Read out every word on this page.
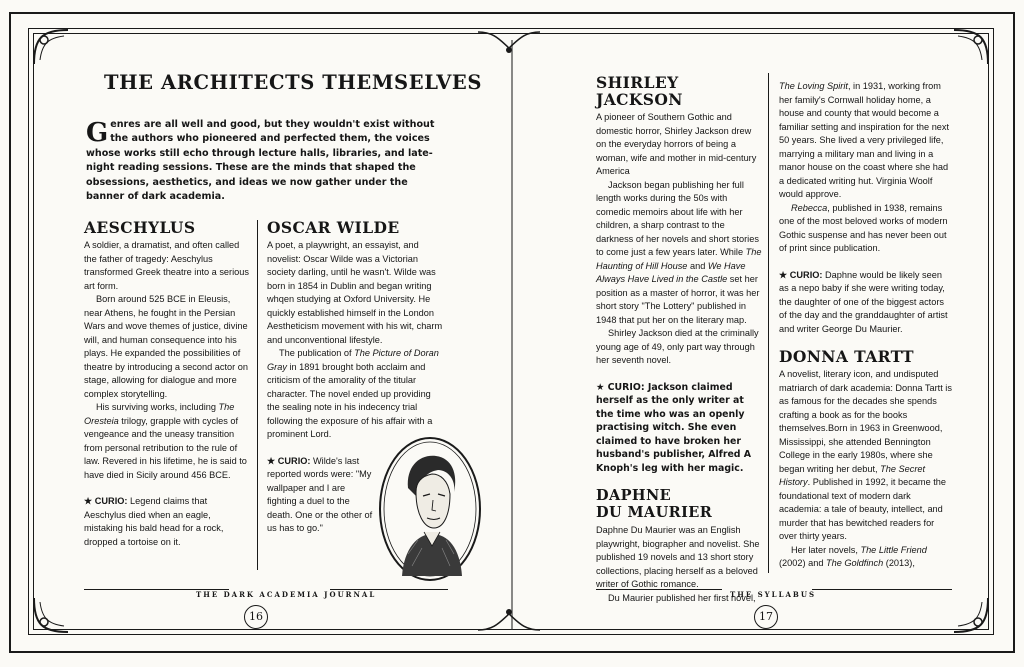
THE ARCHITECTS THEMSELVES
Genres are all well and good, but they wouldn't exist without the authors who pioneered and perfected them, the voices whose works still echo through lecture halls, libraries, and late-night reading sessions. These are the minds that shaped the obsessions, aesthetics, and ideas we now gather under the banner of dark academia.
AESCHYLUS

A soldier, a dramatist, and often called the father of tragedy: Aeschylus transformed Greek theatre into a serious art form.

Born around 525 BCE in Eleusis, near Athens, he fought in the Persian Wars and wove themes of justice, divine will, and human consequence into his plays. He expanded the possibilities of theatre by introducing a second actor on stage, allowing for dialogue and more complex storytelling.

His surviving works, including The Oresteia trilogy, grapple with cycles of vengeance and the uneasy transition from personal retribution to the rule of law. Revered in his lifetime, he is said to have died in Sicily around 456 BCE.

★ CURIO: Legend claims that Aeschylus died when an eagle, mistaking his bald head for a rock, dropped a tortoise on it.

OSCAR WILDE

A poet, a playwright, an essayist, and novelist: Oscar Wilde was a Victorian society darling, until he wasn't. Wilde was born in 1854 in Dublin and began writing whqen studying at Oxford University. He quickly established himself in the London Aestheticism movement with his wit, charm and unconventional lifestyle.

The publication of The Picture of Doran Gray in 1891 brought both acclaim and criticism of the amorality of the titular character. The novel ended up providing the sealing note in his indecency trial following the exposure of his affair with a prominent Lord.

★ CURIO: Wilde's last reported words were: "My wallpaper and I are fighting a duel to the death. One or the other of us has to go."

THE DARK ACADEMIA JOURNAL
16
SHIRLEY JACKSON

A pioneer of Southern Gothic and domestic horror, Shirley Jackson drew on the everyday horrors of being a woman, wife and mother in mid-century America

Jackson began publishing her full length works during the 50s with comedic memoirs about life with her children, a sharp contrast to the darkness of her novels and short stories to come just a few years later. While The Haunting of Hill House and We Have Always Have Lived in the Castle set her position as a master of horror, it was her short story "The Lottery" published in 1948 that put her on the literary map.

Shirley Jackson died at the criminally young age of 49, only part way through her seventh novel.

★ CURIO: Jackson claimed herself as the only writer at the time who was an openly practising witch. She even claimed to have broken her husband's publisher, Alfred A Knoph's leg with her magic.

DAPHNE
DU MAURIER

Daphne Du Maurier was an English playwright, biographer and novelist. She published 19 novels and 13 short story collections, placing herself as a beloved writer of Gothic romance.

Du Maurier published her first novel,

The Loving Spirit, in 1931, working from her family's Cornwall holiday home, a house and county that would become a familiar setting and inspiration for the next 50 years. She lived a very privileged life, marrying a military man and living in a manor house on the coast where she had a dedicated writing hut. Virginia Woolf would approve.

Rebecca, published in 1938, remains one of the most beloved works of modern Gothic suspense and has never been out of print since publication.

★ CURIO: Daphne would be likely seen as a nepo baby if she were writing today, the daughter of one of the biggest actors of the day and the granddaughter of artist and writer George Du Maurier.

DONNA TARTT

A novelist, literary icon, and undisputed matriarch of dark academia: Donna Tartt is as famous for the decades she spends crafting a book as for the books themselves.Born in 1963 in Greenwood, Mississippi, she attended Bennington College in the early 1980s, where she began writing her debut, The Secret History. Published in 1992, it became the foundational text of modern dark academia: a tale of beauty, intellect, and murder that has bewitched readers for over thirty years.

Her later novels, The Little Friend (2002) and The Goldfinch (2013),

THE SYLLABUS
17
